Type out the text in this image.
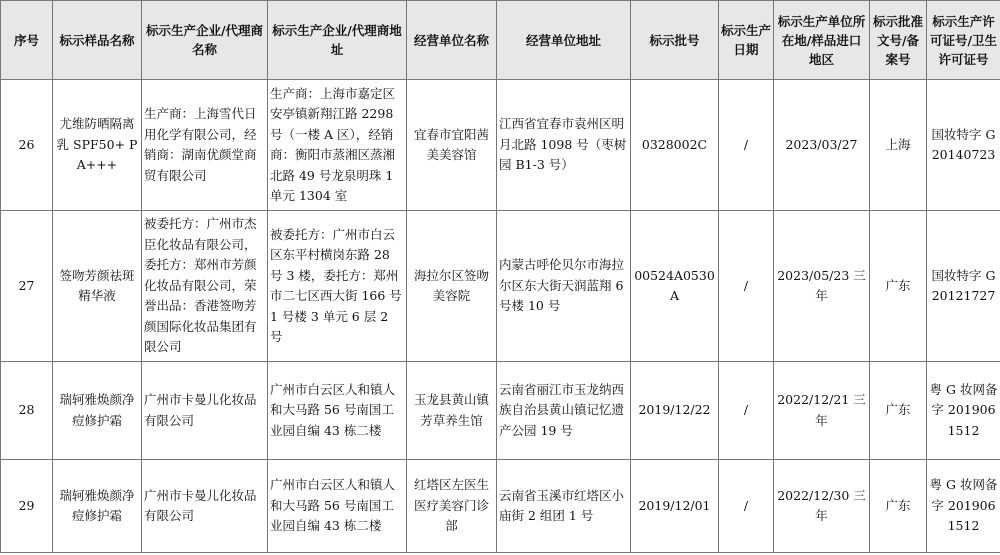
序号	标示样品名称	标示生产企业/代理商名称	标示生产企业/代理商地址	经营单位名称	经营单位地址	标示批号	标示生产日期	标示生产单位所在地/样品进口地区	标示批准文号/备案号	标示生产许可证号/卫生许可证号
26	尤维防晒隔离乳 SPF50+ PA+++	生产商：上海雪代日用化学有限公司，经销商：湖南优颜堂商贸有限公司	生产商：上海市嘉定区安亭镇新翔江路 2298 号（一楼 A 区），经销商：衡阳市蒸湘区蒸湘北路 49 号龙泉明珠 1 单元 1304 室	宜春市宜阳茜美美容馆	江西省宜春市袁州区明月北路 1098 号（枣树园 B1-3 号）	0328002C	/	2023/03/27	上海	国妆特字 G20140723
27	签吻芳颜祛斑精华液	被委托方：广州市杰臣化妆品有限公司，委托方：郑州市芳颜化妆品有限公司，荣誉出品：香港签吻芳颜国际化妆品集团有限公司	被委托方：广州市白云区东平村横岗东路 28 号 3 楼，委托方：郑州市二七区西大街 166 号 1 号楼 3 单元 6 层 2 号	海拉尔区签吻美容院	内蒙古呼伦贝尔市海拉尔区东大街天润蓝翔 6 号楼 10 号	00524A0530A	/	2023/05/23 三年	广东	国妆特字 G20121727
28	瑞轲雅焕颜净痘修护霜	广州市卡曼儿化妆品有限公司	广州市白云区人和镇人和大马路 56 号南国工业园自编 43 栋二楼	玉龙县黄山镇芳草养生馆	云南省丽江市玉龙纳西族自治县黄山镇记忆遗产公园 19 号	2019/12/22	/	2022/12/21 三年	广东	粤 G 妆网备字 2019061512
29	瑞轲雅焕颜净痘修护霜	广州市卡曼儿化妆品有限公司	广州市白云区人和镇人和大马路 56 号南国工业园自编 43 栋二楼	红塔区左医生医疗美容门诊部	云南省玉溪市红塔区小庙街 2 组团 1 号	2019/12/01	/	2022/12/30 三年	广东	粤 G 妆网备字 2019061512
